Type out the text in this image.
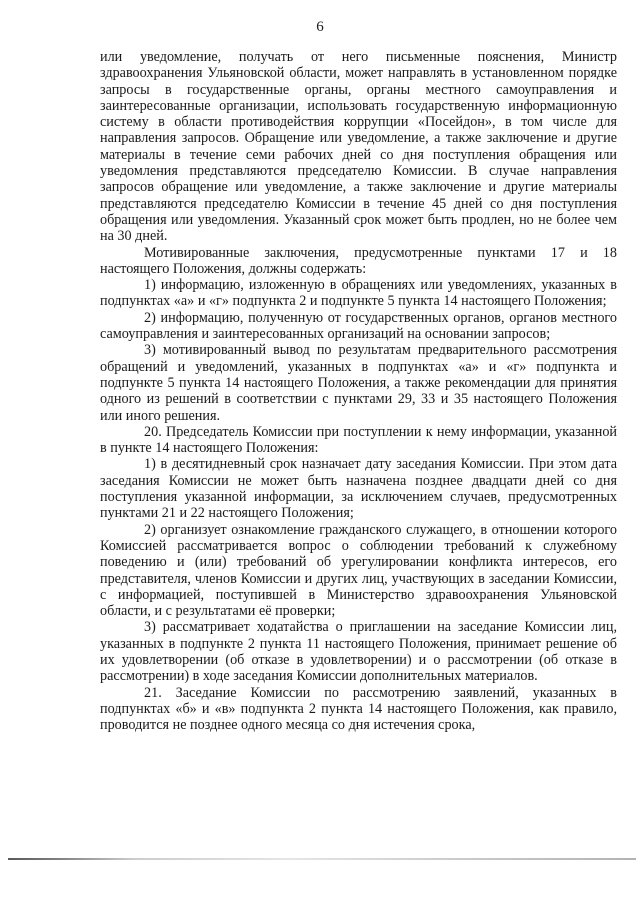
6

или уведомление, получать от него письменные пояснения, Министр здравоохранения Ульяновской области, может направлять в установленном порядке запросы в государственные органы, органы местного самоуправления и заинтересованные организации, использовать государственную информационную систему в области противодействия коррупции «Посейдон», в том числе для направления запросов. Обращение или уведомление, а также заключение и другие материалы в течение семи рабочих дней со дня поступления обращения или уведомления представляются председателю Комиссии. В случае направления запросов обращение или уведомление, а также заключение и другие материалы представляются председателю Комиссии в течение 45 дней со дня поступления обращения или уведомления. Указанный срок может быть продлен, но не более чем на 30 дней.

Мотивированные заключения, предусмотренные пунктами 17 и 18 настоящего Положения, должны содержать:

1) информацию, изложенную в обращениях или уведомлениях, указанных в подпунктах «а» и «г» подпункта 2 и подпункте 5 пункта 14 настоящего Положения;

2) информацию, полученную от государственных органов, органов местного самоуправления и заинтересованных организаций на основании запросов;

3) мотивированный вывод по результатам предварительного рассмотрения обращений и уведомлений, указанных в подпунктах «а» и «г» подпункта и подпункте 5 пункта 14 настоящего Положения, а также рекомендации для принятия одного из решений в соответствии с пунктами 29, 33 и 35 настоящего Положения или иного решения.

20. Председатель Комиссии при поступлении к нему информации, указанной в пункте 14 настоящего Положения:

1) в десятидневный срок назначает дату заседания Комиссии. При этом дата заседания Комиссии не может быть назначена позднее двадцати дней со дня поступления указанной информации, за исключением случаев, предусмотренных пунктами 21 и 22 настоящего Положения;

2) организует ознакомление гражданского служащего, в отношении которого Комиссией рассматривается вопрос о соблюдении требований к служебному поведению и (или) требований об урегулировании конфликта интересов, его представителя, членов Комиссии и других лиц, участвующих в заседании Комиссии, с информацией, поступившей в Министерство здравоохранения Ульяновской области, и с результатами её проверки;

3) рассматривает ходатайства о приглашении на заседание Комиссии лиц, указанных в подпункте 2 пункта 11 настоящего Положения, принимает решение об их удовлетворении (об отказе в удовлетворении) и о рассмотрении (об отказе в рассмотрении) в ходе заседания Комиссии дополнительных материалов.

21. Заседание Комиссии по рассмотрению заявлений, указанных в подпунктах «б» и «в» подпункта 2 пункта 14 настоящего Положения, как правило, проводится не позднее одного месяца со дня истечения срока,
